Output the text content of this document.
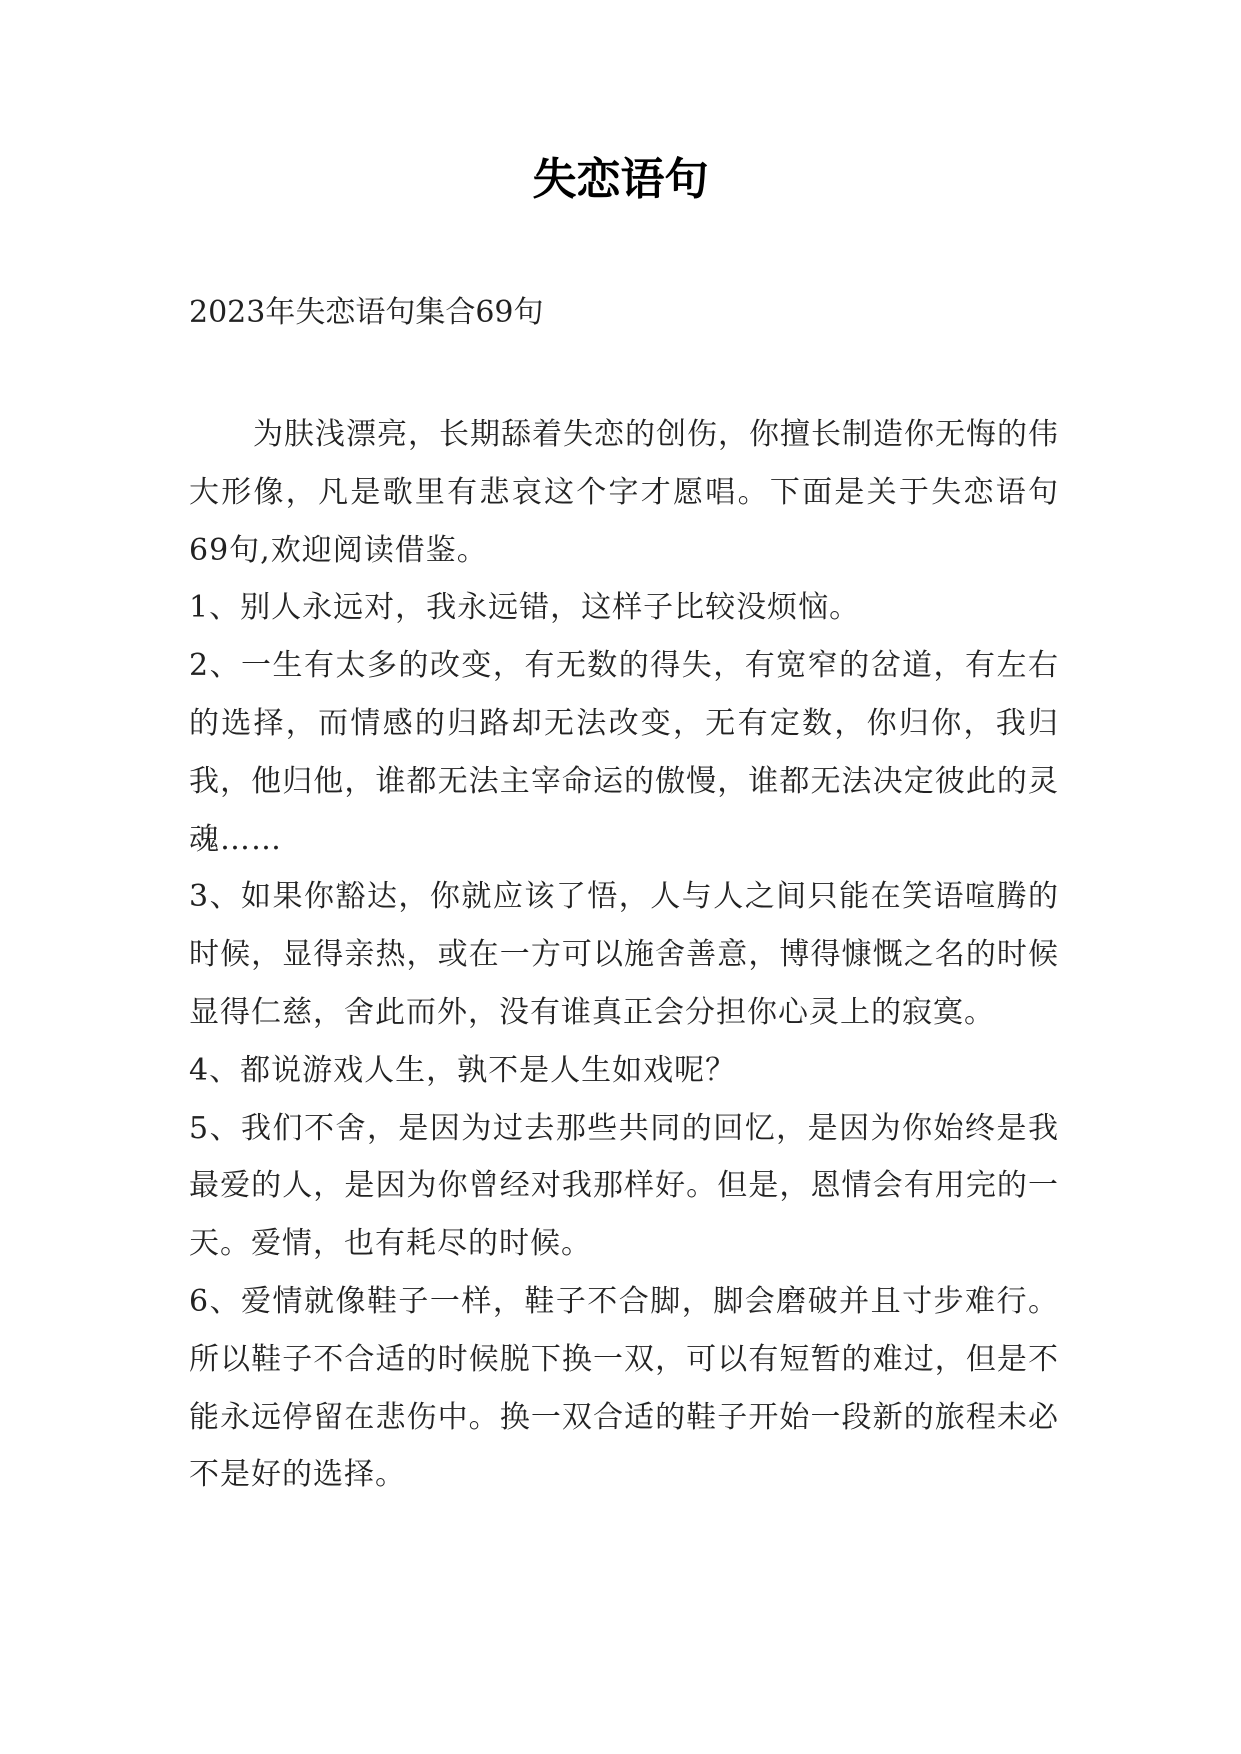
失恋语句

2023年失恋语句集合69句

为肤浅漂亮，长期舔着失恋的创伤，你擅长制造你无悔的伟大形像，凡是歌里有悲哀这个字才愿唱。下面是关于失恋语句69句,欢迎阅读借鉴。

1、别人永远对，我永远错，这样子比较没烦恼。

2、一生有太多的改变，有无数的得失，有宽窄的岔道，有左右的选择，而情感的归路却无法改变，无有定数，你归你，我归我，他归他，谁都无法主宰命运的傲慢，谁都无法决定彼此的灵魂……

3、如果你豁达，你就应该了悟，人与人之间只能在笑语喧腾的时候，显得亲热，或在一方可以施舍善意，博得慷慨之名的时候显得仁慈，舍此而外，没有谁真正会分担你心灵上的寂寞。

4、都说游戏人生，孰不是人生如戏呢？

5、我们不舍，是因为过去那些共同的回忆，是因为你始终是我最爱的人，是因为你曾经对我那样好。但是，恩情会有用完的一天。爱情，也有耗尽的时候。

6、爱情就像鞋子一样，鞋子不合脚，脚会磨破并且寸步难行。所以鞋子不合适的时候脱下换一双，可以有短暂的难过，但是不能永远停留在悲伤中。换一双合适的鞋子开始一段新的旅程未必不是好的选择。
